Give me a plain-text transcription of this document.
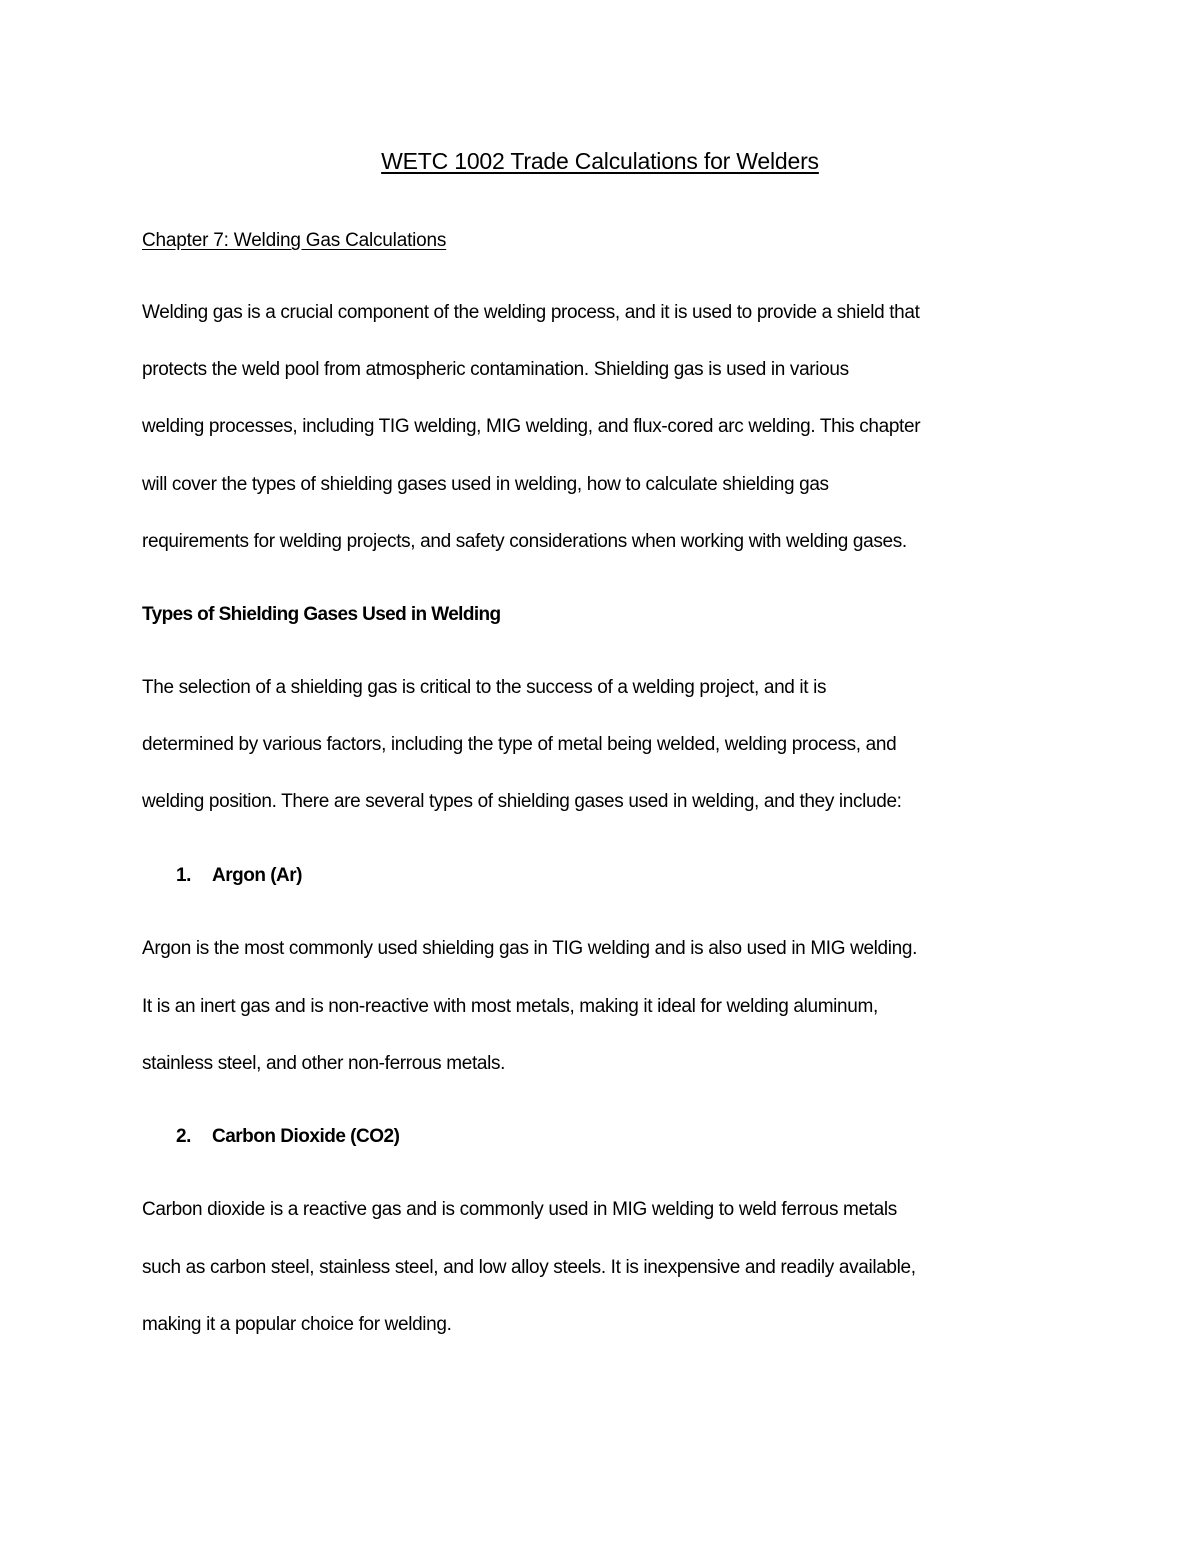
WETC 1002 Trade Calculations for Welders
Chapter 7: Welding Gas Calculations
Welding gas is a crucial component of the welding process, and it is used to provide a shield that
protects the weld pool from atmospheric contamination. Shielding gas is used in various
welding processes, including TIG welding, MIG welding, and flux-cored arc welding. This chapter
will cover the types of shielding gases used in welding, how to calculate shielding gas
requirements for welding projects, and safety considerations when working with welding gases.
Types of Shielding Gases Used in Welding
The selection of a shielding gas is critical to the success of a welding project, and it is
determined by various factors, including the type of metal being welded, welding process, and
welding position. There are several types of shielding gases used in welding, and they include:
1. Argon (Ar)
Argon is the most commonly used shielding gas in TIG welding and is also used in MIG welding.
It is an inert gas and is non-reactive with most metals, making it ideal for welding aluminum,
stainless steel, and other non-ferrous metals.
2. Carbon Dioxide (CO2)
Carbon dioxide is a reactive gas and is commonly used in MIG welding to weld ferrous metals
such as carbon steel, stainless steel, and low alloy steels. It is inexpensive and readily available,
making it a popular choice for welding.
